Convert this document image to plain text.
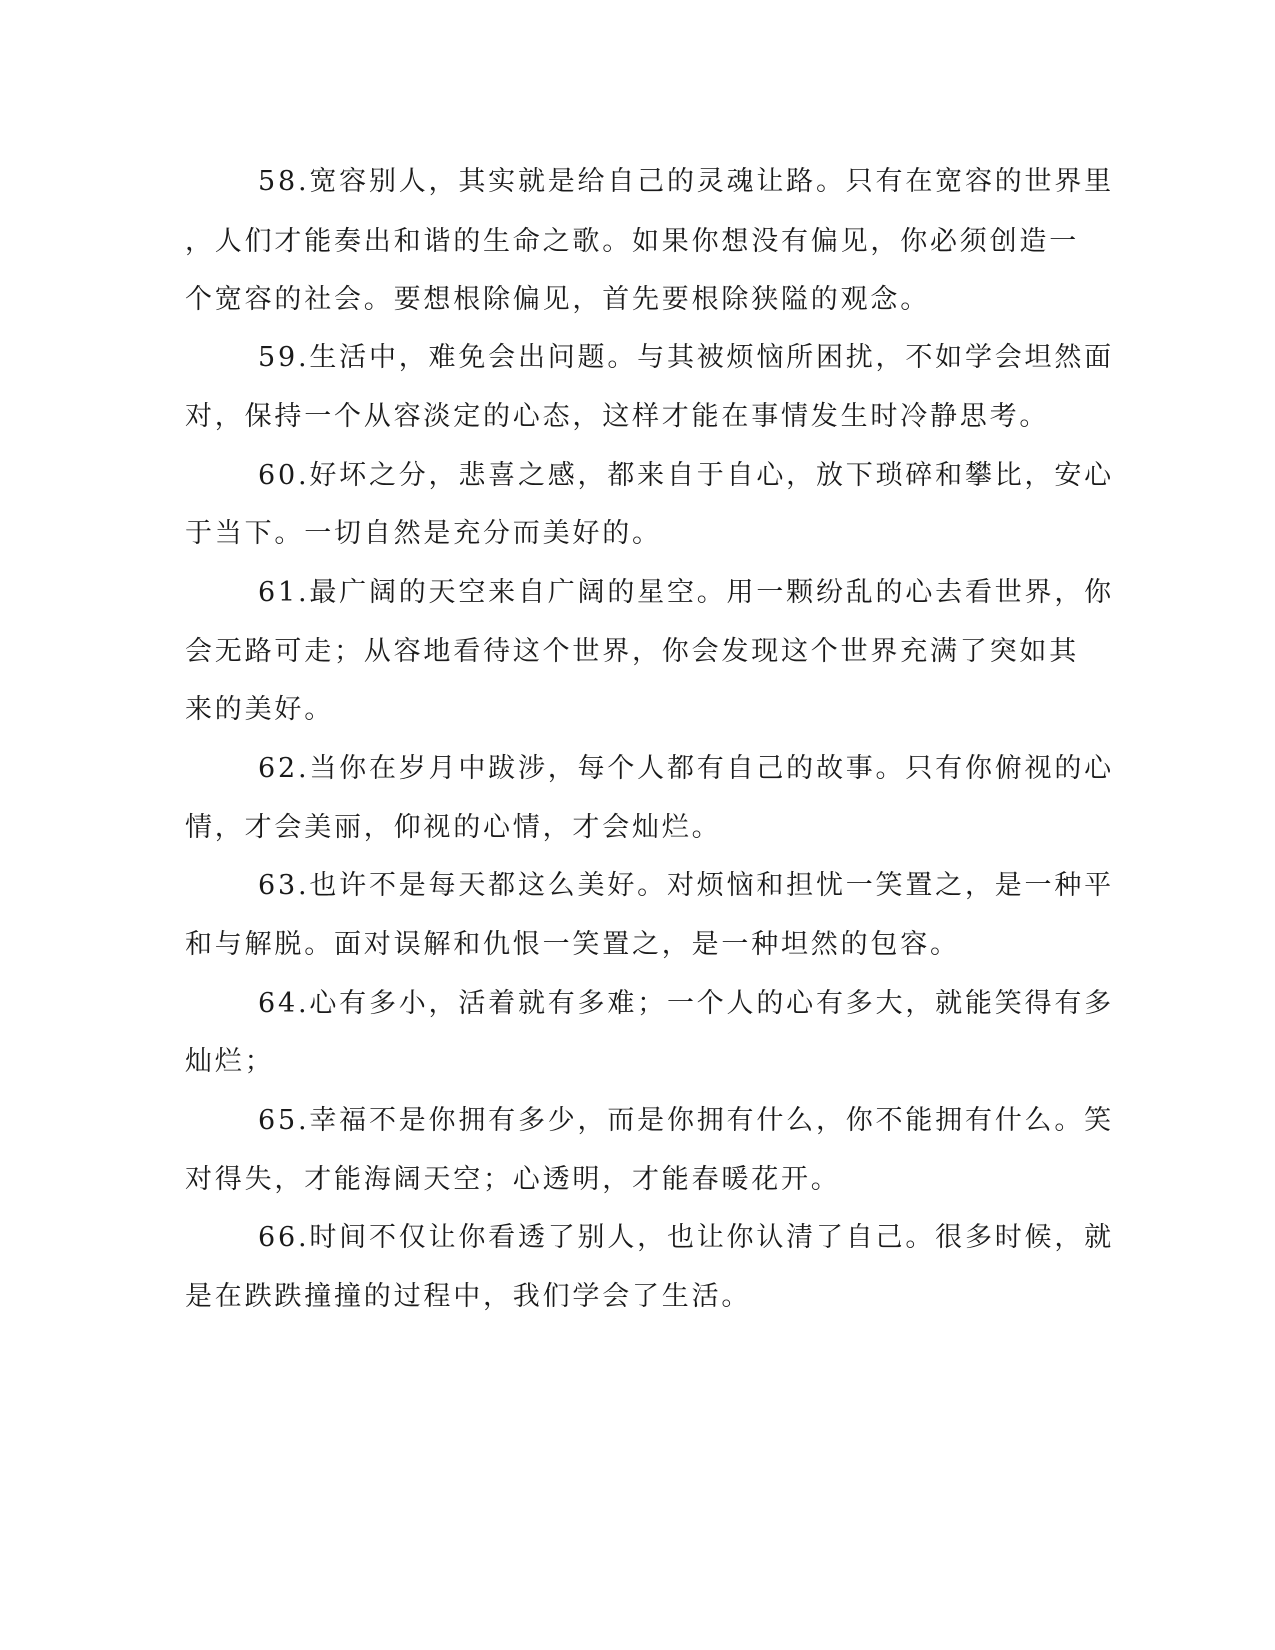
58.宽容别人，其实就是给自己的灵魂让路。只有在宽容的世界里
，人们才能奏出和谐的生命之歌。如果你想没有偏见，你必须创造一
个宽容的社会。要想根除偏见，首先要根除狭隘的观念。
59.生活中，难免会出问题。与其被烦恼所困扰，不如学会坦然面
对，保持一个从容淡定的心态，这样才能在事情发生时冷静思考。
60.好坏之分，悲喜之感，都来自于自心，放下琐碎和攀比，安心
于当下。一切自然是充分而美好的。
61.最广阔的天空来自广阔的星空。用一颗纷乱的心去看世界，你
会无路可走；从容地看待这个世界，你会发现这个世界充满了突如其
来的美好。
62.当你在岁月中跋涉，每个人都有自己的故事。只有你俯视的心
情，才会美丽，仰视的心情，才会灿烂。
63.也许不是每天都这么美好。对烦恼和担忧一笑置之，是一种平
和与解脱。面对误解和仇恨一笑置之，是一种坦然的包容。
64.心有多小，活着就有多难；一个人的心有多大，就能笑得有多
灿烂；
65.幸福不是你拥有多少，而是你拥有什么，你不能拥有什么。笑
对得失，才能海阔天空；心透明，才能春暖花开。
66.时间不仅让你看透了别人，也让你认清了自己。很多时候，就
是在跌跌撞撞的过程中，我们学会了生活。
